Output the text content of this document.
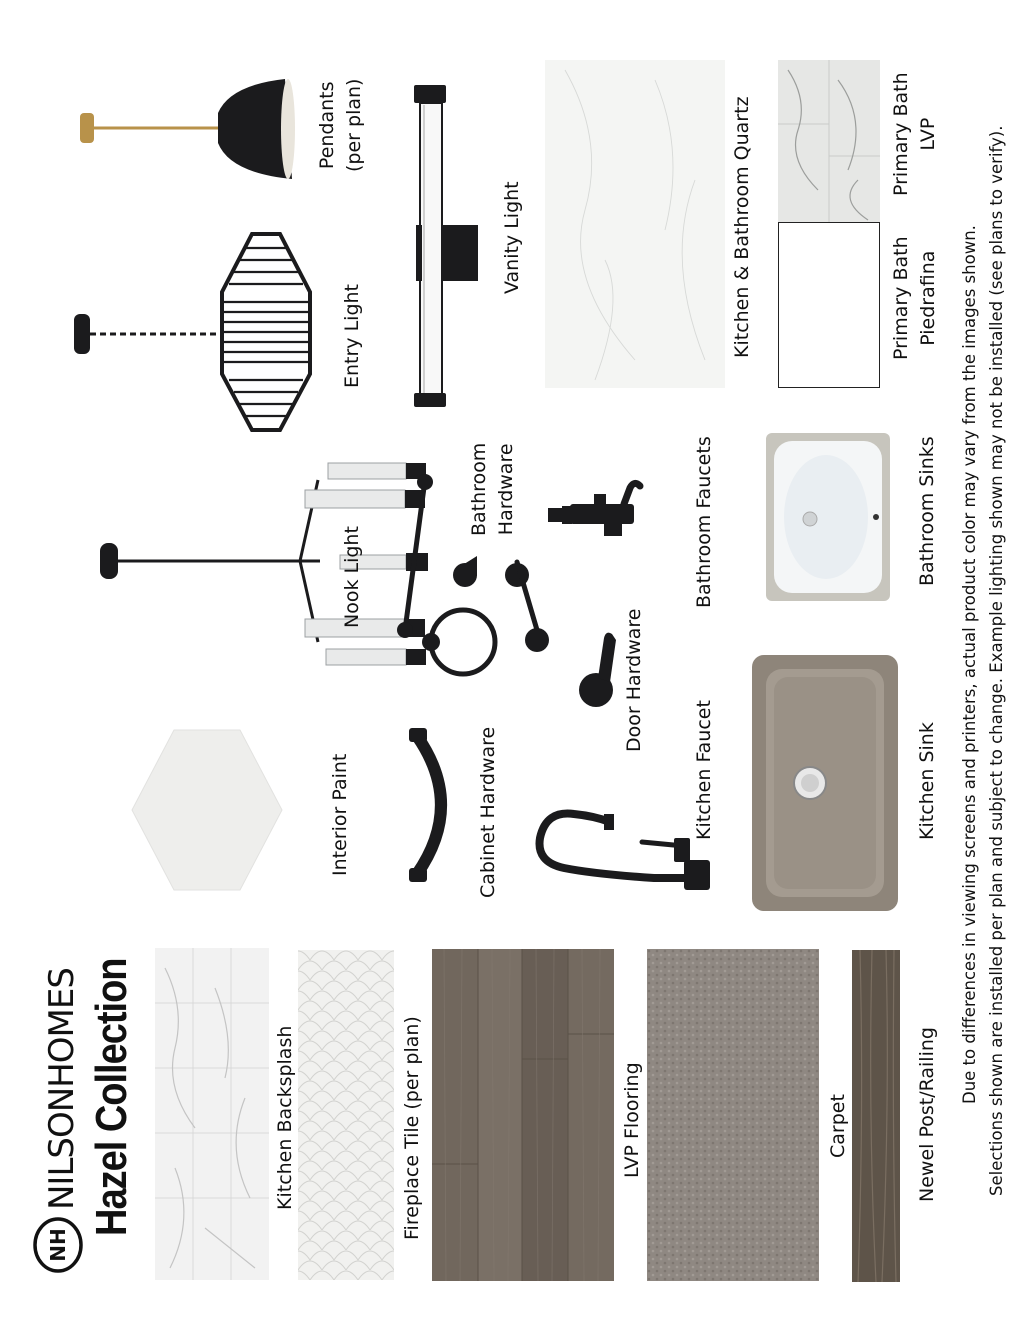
NH
NILSONHOMES Hazel Collection	Kitchen Backsplash	Fireplace Tile (per plan)	LVP Flooring	Carpet	Newel Post/Railing
Interior Paint
Nook Light
Entry Light
Pendants
(per plan)
Cabinet Hardware
Bathroom
Hardware
Vanity Light
Kitchen Faucet
Door Hardware
Bathroom Faucets
Kitchen & Bathroom Quartz
Kitchen Sink
Bathroom Sinks
Primary Bath
Piedrafina
Primary Bath
LVP
Due to differences in viewing screens and printers, actual product color may vary from the images shown. Selections shown are installed per plan and subject to change. Example lighting shown may not be installed (see plans to verify).
